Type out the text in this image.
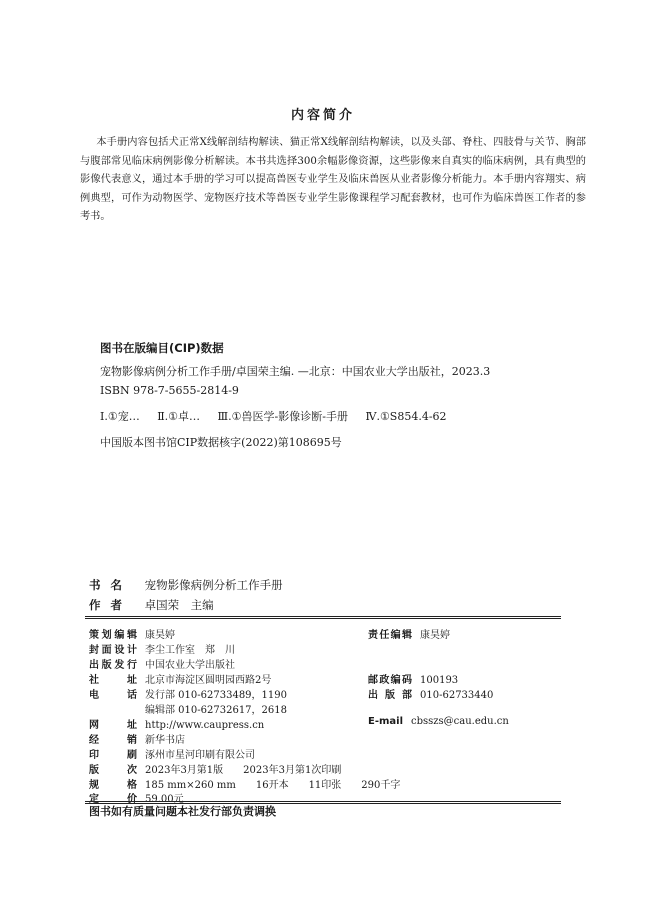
内容简介

本手册内容包括犬正常X线解剖结构解读、猫正常X线解剖结构解读，以及头部、脊柱、四肢骨与关节、胸部与腹部常见临床病例影像分析解读。本书共选择300余幅影像资源，这些影像来自真实的临床病例，具有典型的影像代表意义，通过本手册的学习可以提高兽医专业学生及临床兽医从业者影像分析能力。本手册内容翔实、病例典型，可作为动物医学、宠物医疗技术等兽医专业学生影像课程学习配套教材，也可作为临床兽医工作者的参考书。

图书在版编目(CIP)数据
宠物影像病例分析工作手册/卓国荣主编. —北京：中国农业大学出版社，2023.3
ISBN 978-7-5655-2814-9
Ⅰ.①宠… Ⅱ.①卓… Ⅲ.①兽医学-影像诊断-手册 Ⅳ.①S854.4-62
中国版本图书馆CIP数据核字(2022)第108695号
书名 宠物影像病例分析工作手册
作者 卓国荣　主编
策划编辑 康昊婷	责任编辑 康昊婷
封面设计 李尘工作室　郑　川
出版发行 中国农业大学出版社
社址 北京市海淀区圆明园西路2号	邮政编码 100193
电话 发行部 010-62733489，1190	出版部 010-62733440
编辑部 010-62732617，2618
网址 http://www.caupress.cn	E-mail cbsszs@cau.edu.cn
经销 新华书店
印刷 涿州市星河印刷有限公司
版次 2023年3月第1版　　2023年3月第1次印刷
规格 185 mm×260 mm　　16开本　　11印张　　290千字
定价 59.00元
图书如有质量问题本社发行部负责调换
